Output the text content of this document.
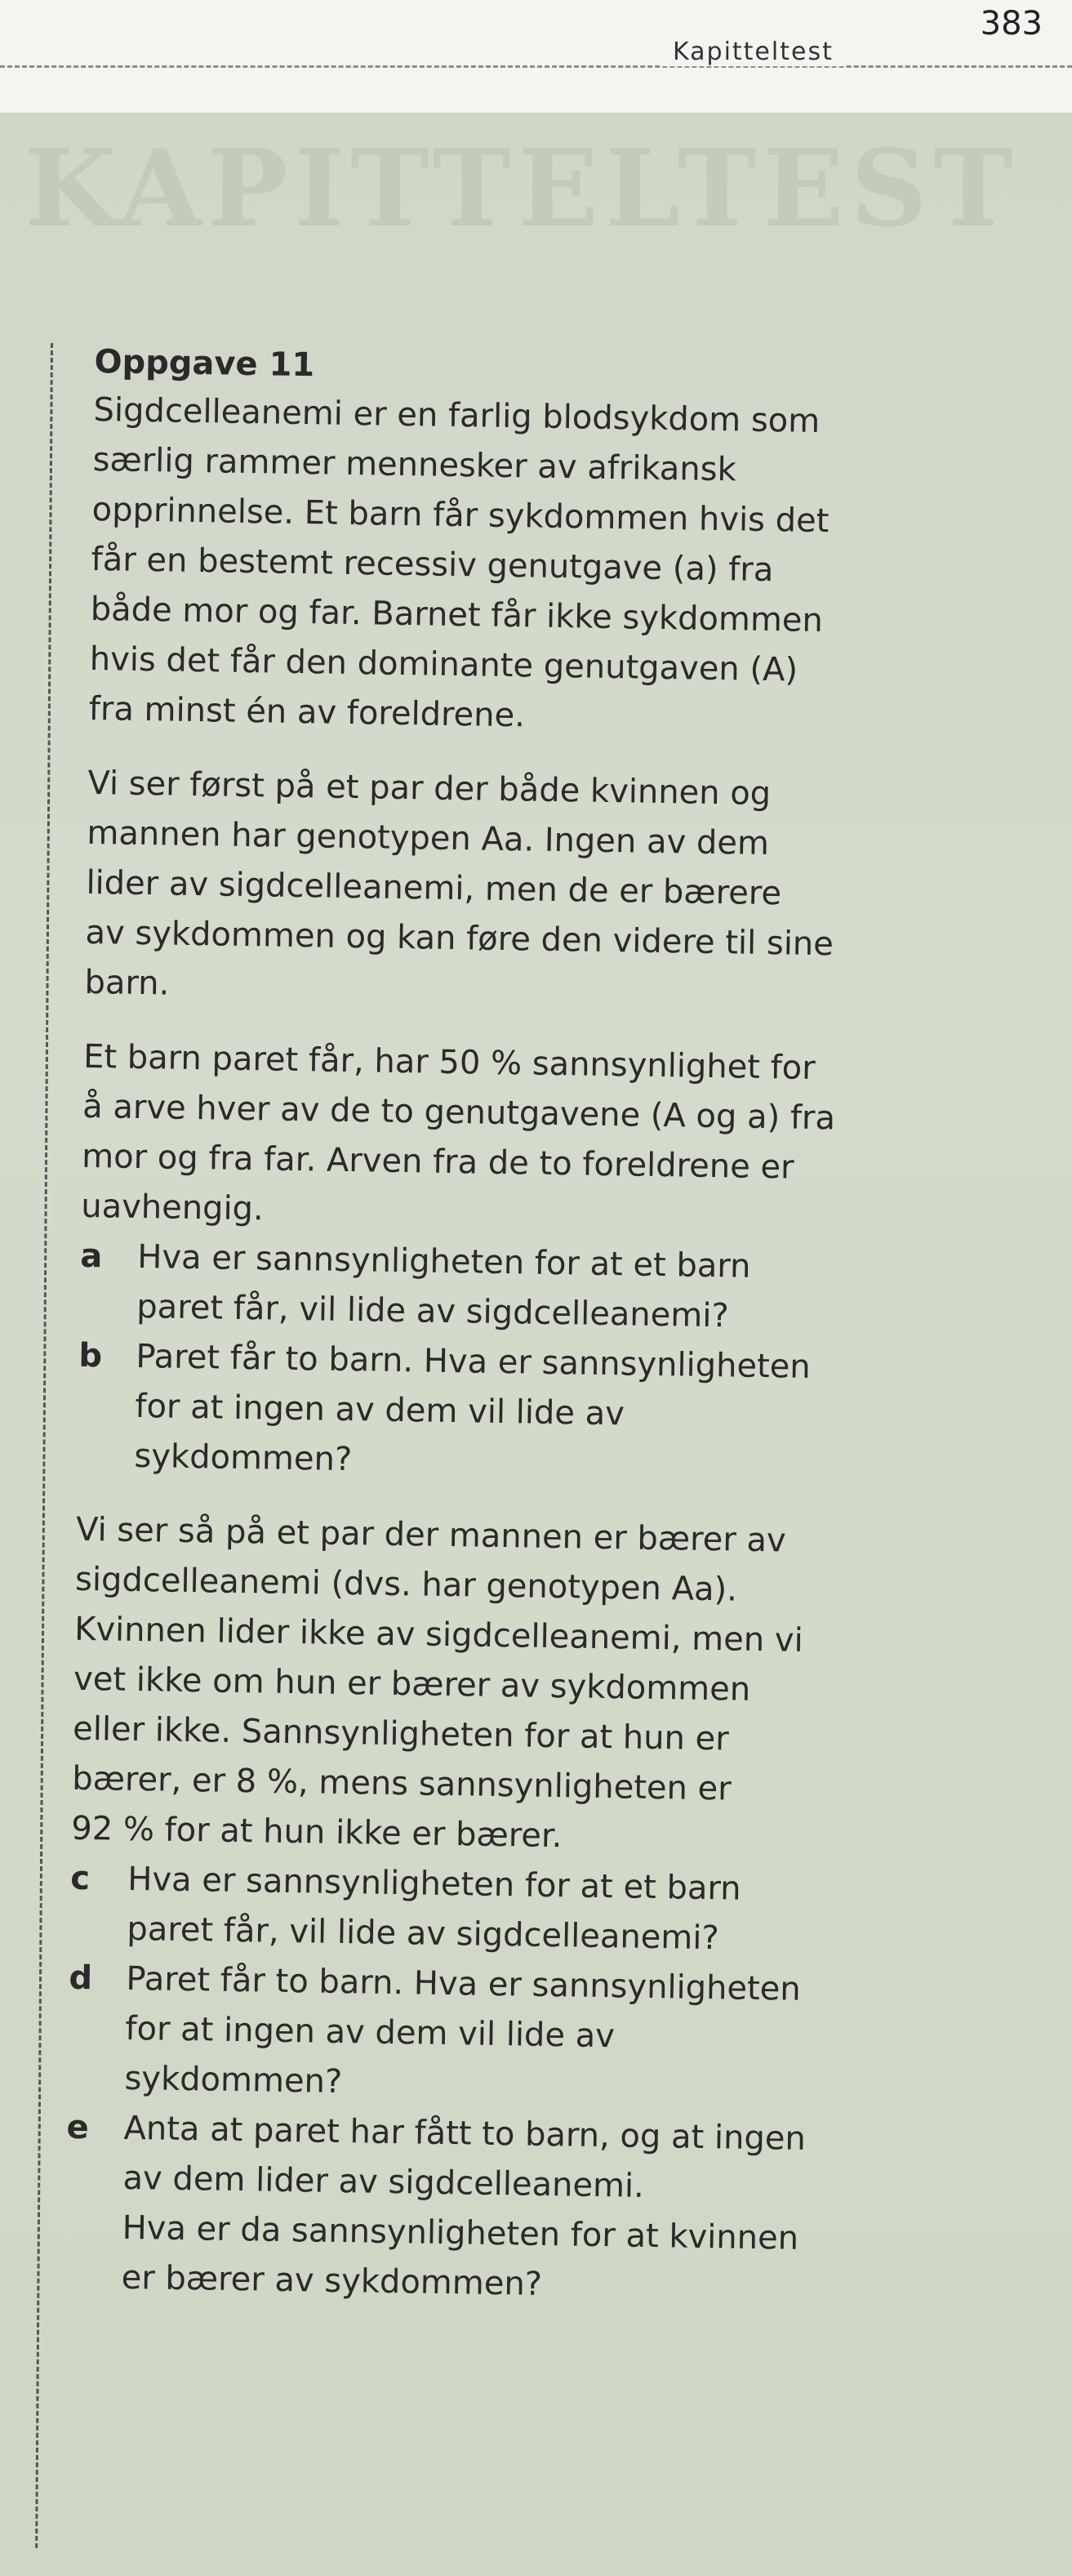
Kapitteltest
383
KAPITTELTEST
Oppgave 11

Sigdcelleanemi er en farlig blodsykdom som

særlig rammer mennesker av afrikansk

opprinnelse. Et barn får sykdommen hvis det

får en bestemt recessiv genutgave (a) fra

både mor og far. Barnet får ikke sykdommen

hvis det får den dominante genutgaven (A)

fra minst én av foreldrene.

Vi ser først på et par der både kvinnen og

mannen har genotypen Aa. Ingen av dem

lider av sigdcelleanemi, men de er bærere

av sykdommen og kan føre den videre til sine

barn.

Et barn paret får, har 50 % sannsynlighet for

å arve hver av de to genutgavene (A og a) fra

mor og fra far. Arven fra de to foreldrene er

uavhengig.

a	Hva er sannsynligheten for at et barn

paret får, vil lide av sigdcelleanemi?

b	Paret får to barn. Hva er sannsynligheten

for at ingen av dem vil lide av

sykdommen?

Vi ser så på et par der mannen er bærer av

sigdcelleanemi (dvs. har genotypen Aa).

Kvinnen lider ikke av sigdcelleanemi, men vi

vet ikke om hun er bærer av sykdommen

eller ikke. Sannsynligheten for at hun er

bærer, er 8 %, mens sannsynligheten er

92 % for at hun ikke er bærer.

c	Hva er sannsynligheten for at et barn

paret får, vil lide av sigdcelleanemi?

d	Paret får to barn. Hva er sannsynligheten

for at ingen av dem vil lide av

sykdommen?

e	Anta at paret har fått to barn, og at ingen

av dem lider av sigdcelleanemi.

Hva er da sannsynligheten for at kvinnen

er bærer av sykdommen?
